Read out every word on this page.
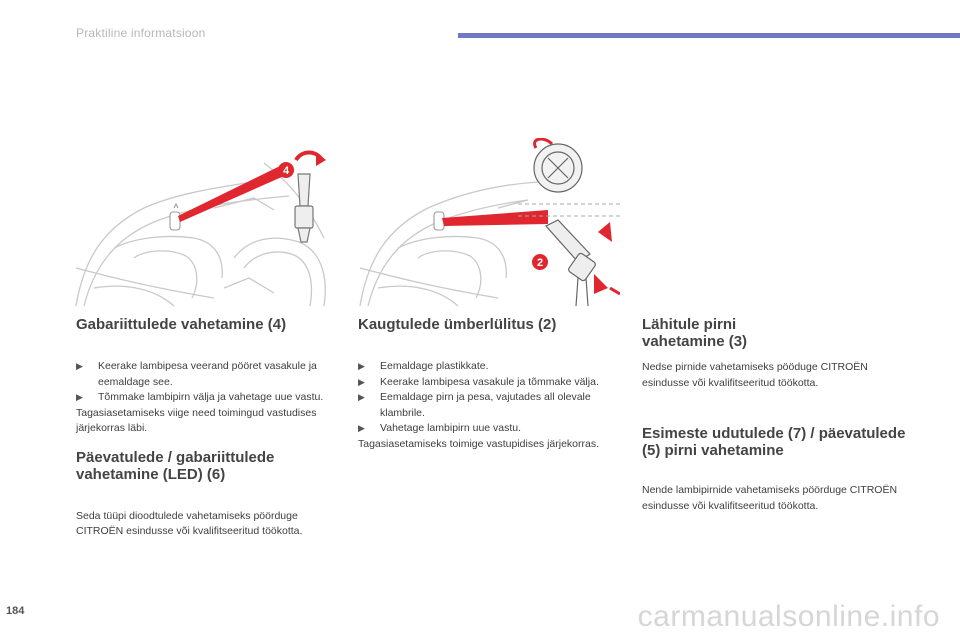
Praktiline informatsioon
4
2
Gabariittulede vahetamine (4)
▶ Keerake lambipesa veerand pööret vasakule ja eemaldage see.
▶ Tõmmake lambipirn välja ja vahetage uue vastu.

Tagasiasetamiseks viige need toimingud vastudises järjekorras läbi.

Päevatulede / gabariittulede vahetamine (LED) (6)

Seda tüüpi dioodtulede vahetamiseks pöörduge CITROËN esindusse või kvalifitseeritud töökotta.

Kaugtulede ümberlülitus (2)
▶ Eemaldage plastikkate.
▶ Keerake lambipesa vasakule ja tõmmake välja.
▶ Eemaldage pirn ja pesa, vajutades all olevale klambrile.
▶ Vahetage lambipirn uue vastu.

Tagasiasetamiseks toimige vastupidises järjekorras.

Lähitule pirni vahetamine (3)

Nedse pirnide vahetamiseks pööduge CITROËN esindusse või kvalifitseeritud töökotta.

Esimeste udutulede (7) / päevatulede (5) pirni vahetamine

Nende lambipirnide vahetamiseks pöörduge CITROËN esindusse või kvalifitseeritud töökotta.

184	carmanualsonline.info
